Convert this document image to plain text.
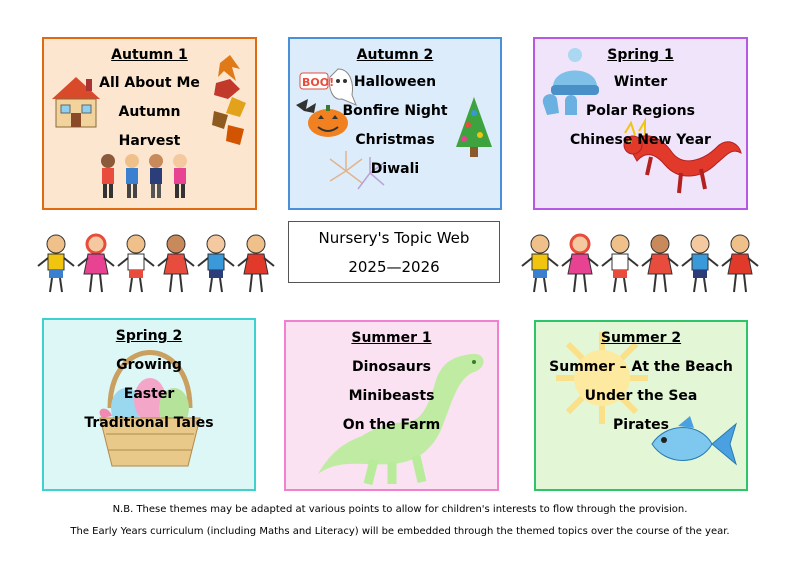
Autumn 1
All About Me
Autumn
Harvest
BOO!
Autumn 2
Halloween
Bonfire Night
Christmas
Diwali
Spring 1
Winter
Polar Regions
Chinese New Year
Nursery's Topic Web
2025—2026
Spring 2
Growing
Easter
Traditional Tales
Summer 1
Dinosaurs
Minibeasts
On the Farm
Summer 2
Summer – At the Beach
Under the Sea
Pirates
N.B. These themes may be adapted at various points to allow for children's interests to flow through the provision.
The Early Years curriculum (including Maths and Literacy) will be embedded through the themed topics over the course of the year.
